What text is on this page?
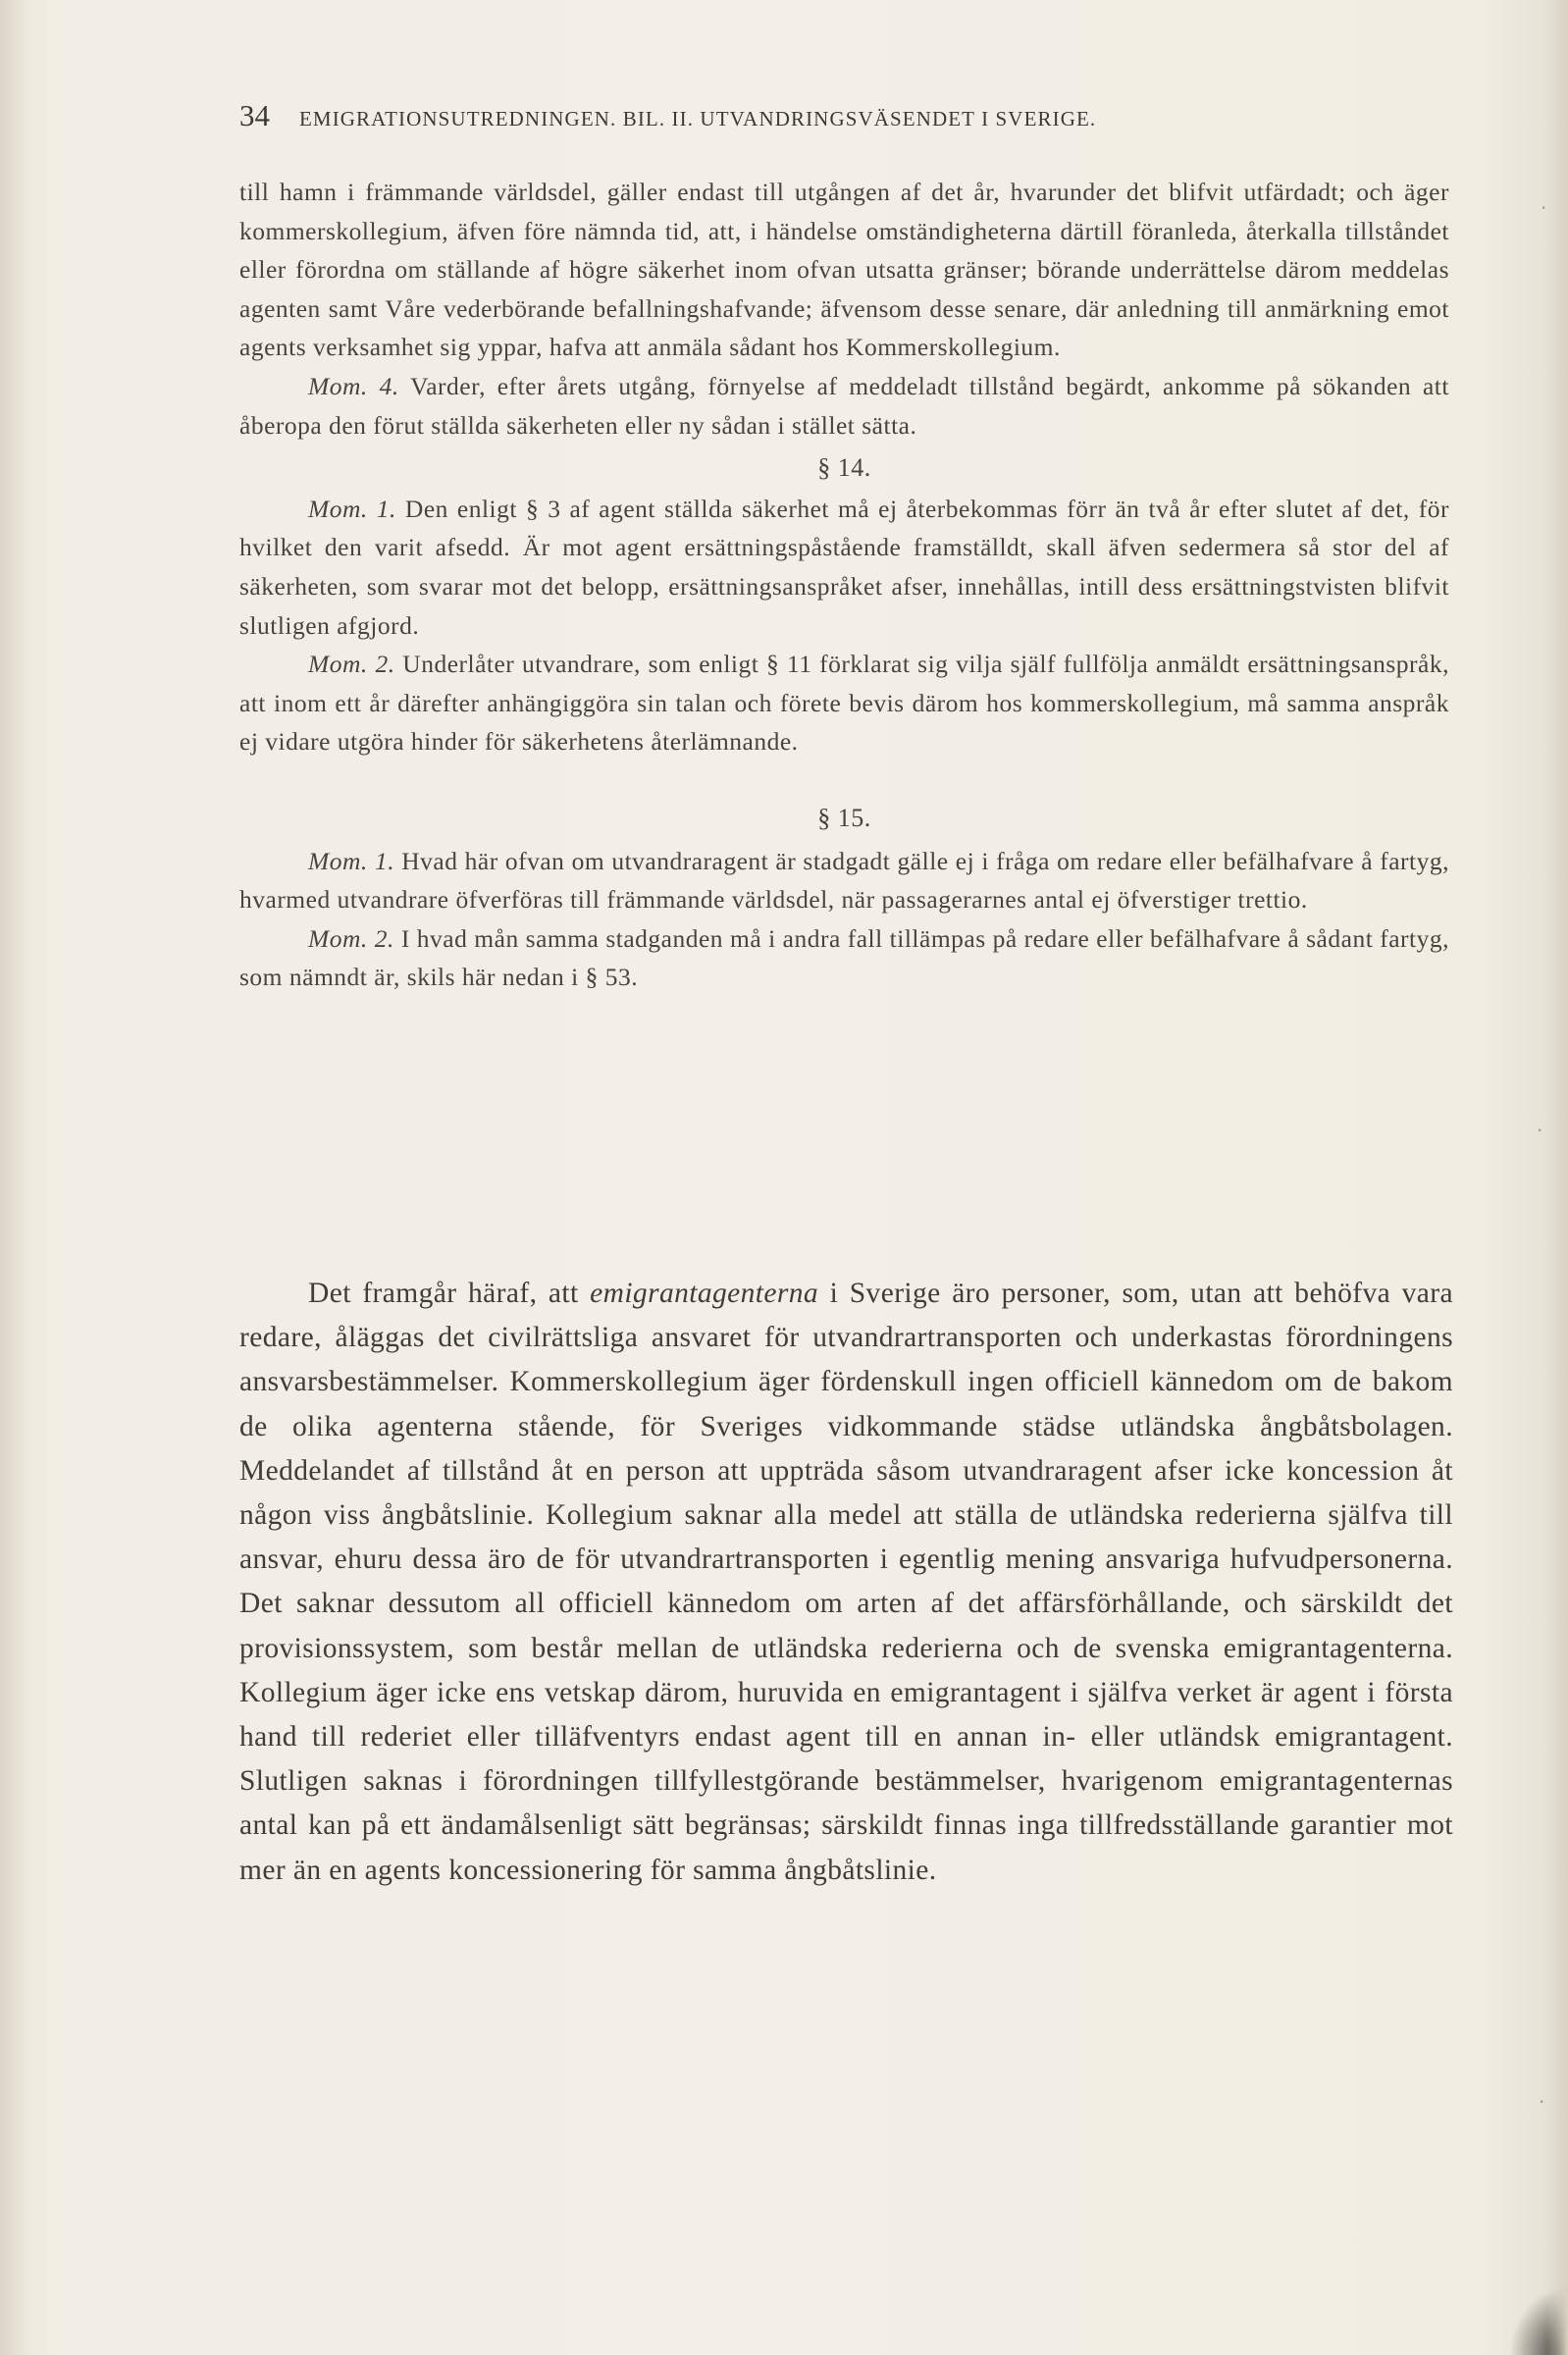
34 EMIGRATIONSUTREDNINGEN. BIL. II. UTVANDRINGSVÄSENDET I SVERIGE.

till hamn i främmande världsdel, gäller endast till utgången af det år, hvarunder det blifvit utfärdadt; och äger kommerskollegium, äfven före nämnda tid, att, i händelse omständigheterna därtill föranleda, återkalla tillståndet eller förordna om ställande af högre säkerhet inom ofvan utsatta gränser; börande underrättelse därom meddelas agenten samt Våre vederbörande befallningshafvande; äfvensom desse senare, där anledning till anmärkning emot agents verksamhet sig yppar, hafva att anmäla sådant hos Kommerskollegium.

Mom. 4. Varder, efter årets utgång, förnyelse af meddeladt tillstånd begärdt, ankomme på sökanden att åberopa den förut ställda säkerheten eller ny sådan i stället sätta.

§ 14.

Mom. 1. Den enligt § 3 af agent ställda säkerhet må ej återbekommas förr än två år efter slutet af det, för hvilket den varit afsedd. Är mot agent ersättningspåstående framställdt, skall äfven sedermera så stor del af säkerheten, som svarar mot det belopp, ersättningsanspråket afser, innehållas, intill dess ersättningstvisten blifvit slutligen afgjord.

Mom. 2. Underlåter utvandrare, som enligt § 11 förklarat sig vilja själf fullfölja anmäldt ersättningsanspråk, att inom ett år därefter anhängiggöra sin talan och förete bevis därom hos kommerskollegium, må samma anspråk ej vidare utgöra hinder för säkerhetens återlämnande.

§ 15.

Mom. 1. Hvad här ofvan om utvandraragent är stadgadt gälle ej i fråga om redare eller befälhafvare å fartyg, hvarmed utvandrare öfverföras till främmande världsdel, när passagerarnes antal ej öfverstiger trettio.

Mom. 2. I hvad mån samma stadganden må i andra fall tillämpas på redare eller befälhafvare å sådant fartyg, som nämndt är, skils här nedan i § 53.

Det framgår häraf, att emigrantagenterna i Sverige äro personer, som, utan att behöfva vara redare, åläggas det civilrättsliga ansvaret för utvandrartransporten och underkastas förordningens ansvarsbestämmelser. Kommerskollegium äger fördenskull ingen officiell kännedom om de bakom de olika agenterna stående, för Sveriges vidkommande städse utländska ångbåtsbolagen. Meddelandet af tillstånd åt en person att uppträda såsom utvandraragent afser icke koncession åt någon viss ångbåtslinie. Kollegium saknar alla medel att ställa de utländska rederierna själfva till ansvar, ehuru dessa äro de för utvandrartransporten i egentlig mening ansvariga hufvudpersonerna. Det saknar dessutom all officiell kännedom om arten af det affärsförhållande, och särskildt det provisionssystem, som består mellan de utländska rederierna och de svenska emigrantagenterna. Kollegium äger icke ens vetskap därom, huruvida en emigrantagent i själfva verket är agent i första hand till rederiet eller tilläfventyrs endast agent till en annan in- eller utländsk emigrantagent. Slutligen saknas i förordningen tillfyllestgörande bestämmelser, hvarigenom emigrantagenternas antal kan på ett ändamålsenligt sätt begränsas; särskildt finnas inga tillfredsställande garantier mot mer än en agents koncessionering för samma ångbåtslinie.

·
·
·
